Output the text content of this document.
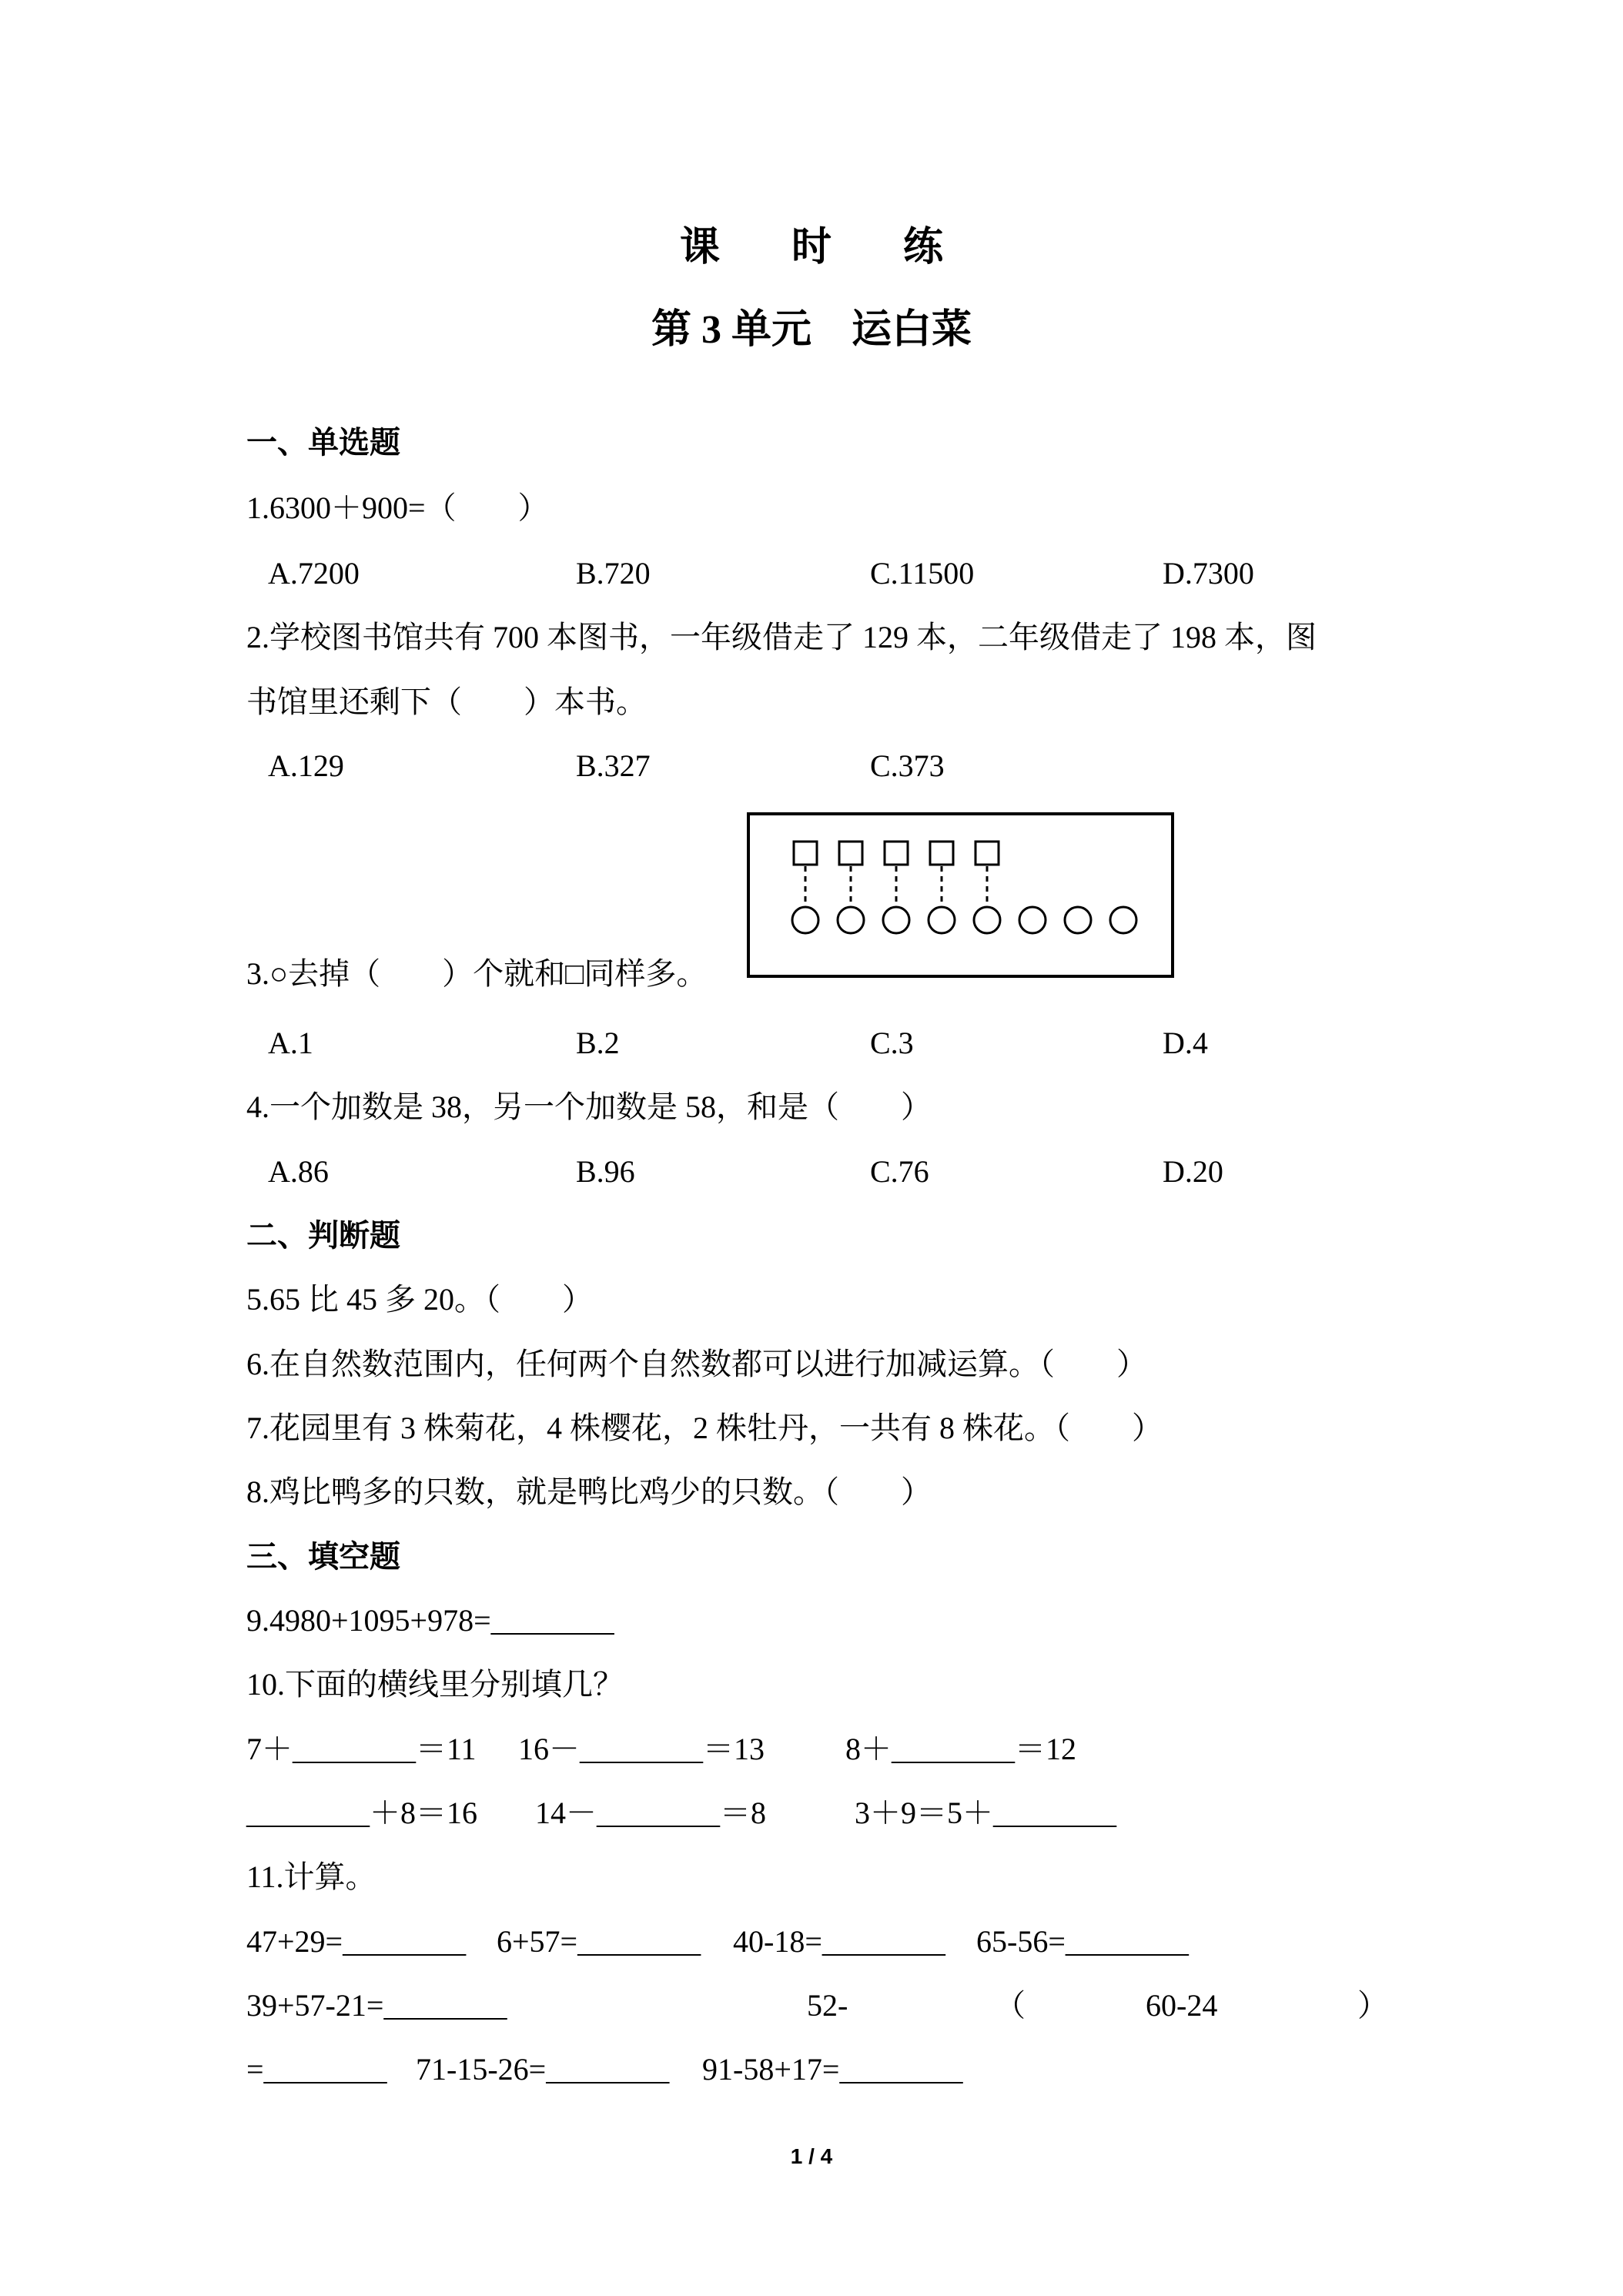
课 时 练
第 3 单元　运白菜
一、单选题
1.6300＋900=（　　）
A.7200	B.720	C.11500	D.7300
2.学校图书馆共有 700 本图书，一年级借走了 129 本，二年级借走了 198 本，图
书馆里还剩下（　　）本书。
A.129	B.327	C.373
3.○去掉（　　）个就和□同样多。
A.1	B.2	C.3	D.4
4.一个加数是 38，另一个加数是 58，和是（　　）
A.86	B.96	C.76	D.20
二、判断题
5.65 比 45 多 20。（　　）
6.在自然数范围内，任何两个自然数都可以进行加减运算。（　　）
7.花园里有 3 株菊花，4 株樱花，2 株牡丹，一共有 8 株花。（　　）
8.鸡比鸭多的只数，就是鸭比鸡少的只数。（　　）
三、填空题
9.4980+1095+978=________
10.下面的横线里分别填几？
7＋________＝11 16－________＝13	8＋________＝12
________＋8＝16 14－________＝8	3＋9＝5＋________
11.计算。
47+29=________ 6+57=________ 40-18=________ 65-56=________
39+57-21=________	52-	（	60-24	）
=________ 71-15-26=________ 91-58+17=________
1 / 4
